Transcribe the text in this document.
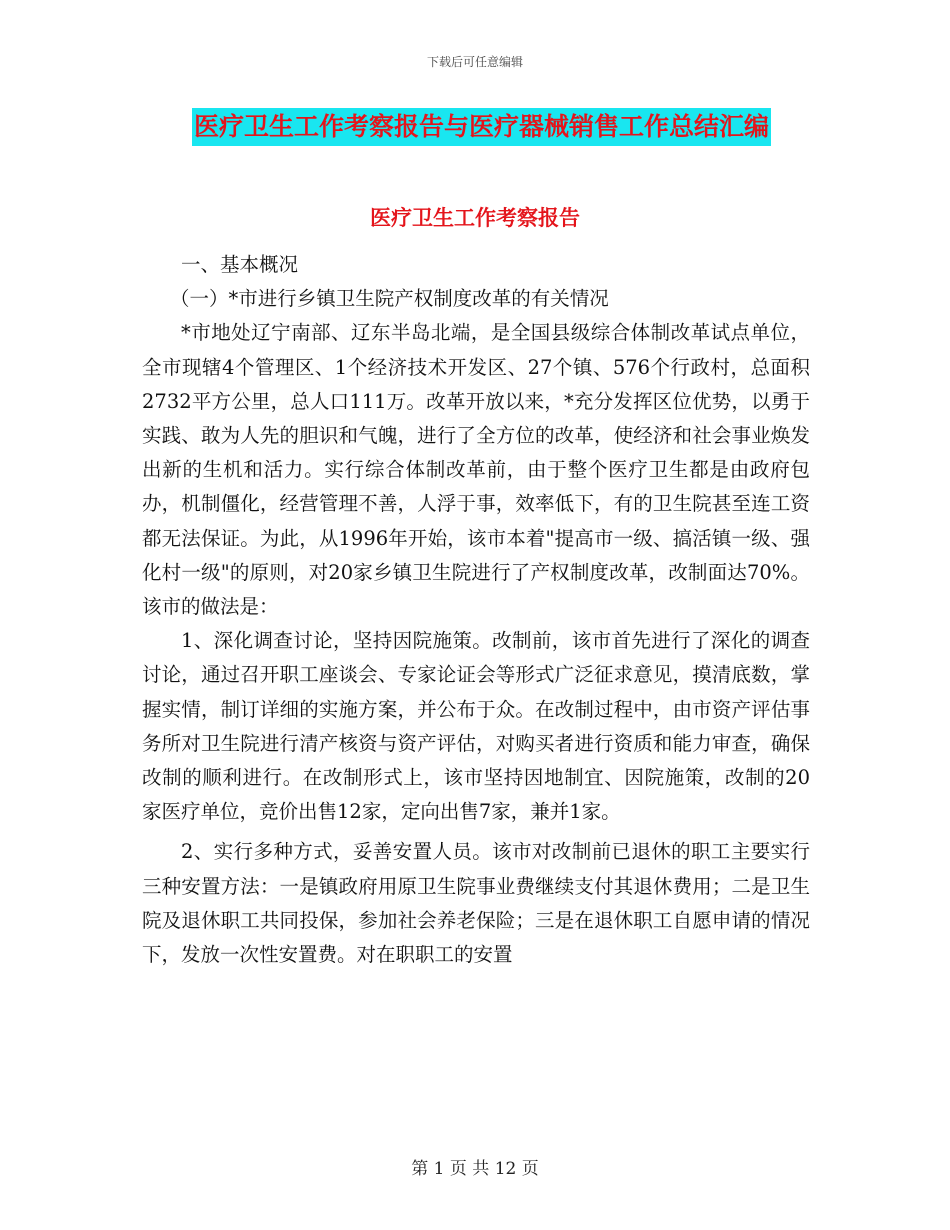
下载后可任意编辑
医疗卫生工作考察报告与医疗器械销售工作总结汇编
医疗卫生工作考察报告

一、基本概况

（一）*市进行乡镇卫生院产权制度改革的有关情况

*市地处辽宁南部、辽东半岛北端，是全国县级综合体制改革试点单位，全市现辖4个管理区、1个经济技术开发区、27个镇、576个行政村，总面积2732平方公里，总人口111万。改革开放以来，*充分发挥区位优势，以勇于实践、敢为人先的胆识和气魄，进行了全方位的改革，使经济和社会事业焕发出新的生机和活力。实行综合体制改革前，由于整个医疗卫生都是由政府包办，机制僵化，经营管理不善，人浮于事，效率低下，有的卫生院甚至连工资都无法保证。为此，从1996年开始，该市本着"提高市一级、搞活镇一级、强化村一级"的原则，对20家乡镇卫生院进行了产权制度改革，改制面达70%。该市的做法是：

1、深化调查讨论，坚持因院施策。改制前，该市首先进行了深化的调查讨论，通过召开职工座谈会、专家论证会等形式广泛征求意见，摸清底数，掌握实情，制订详细的实施方案，并公布于众。在改制过程中，由市资产评估事务所对卫生院进行清产核资与资产评估，对购买者进行资质和能力审查，确保改制的顺利进行。在改制形式上，该市坚持因地制宜、因院施策，改制的20家医疗单位，竞价出售12家，定向出售7家，兼并1家。

2、实行多种方式，妥善安置人员。该市对改制前已退休的职工主要实行三种安置方法：一是镇政府用原卫生院事业费继续支付其退休费用；二是卫生院及退休职工共同投保，参加社会养老保险；三是在退休职工自愿申请的情况下，发放一次性安置费。对在职职工的安置

第 1 页 共 12 页
